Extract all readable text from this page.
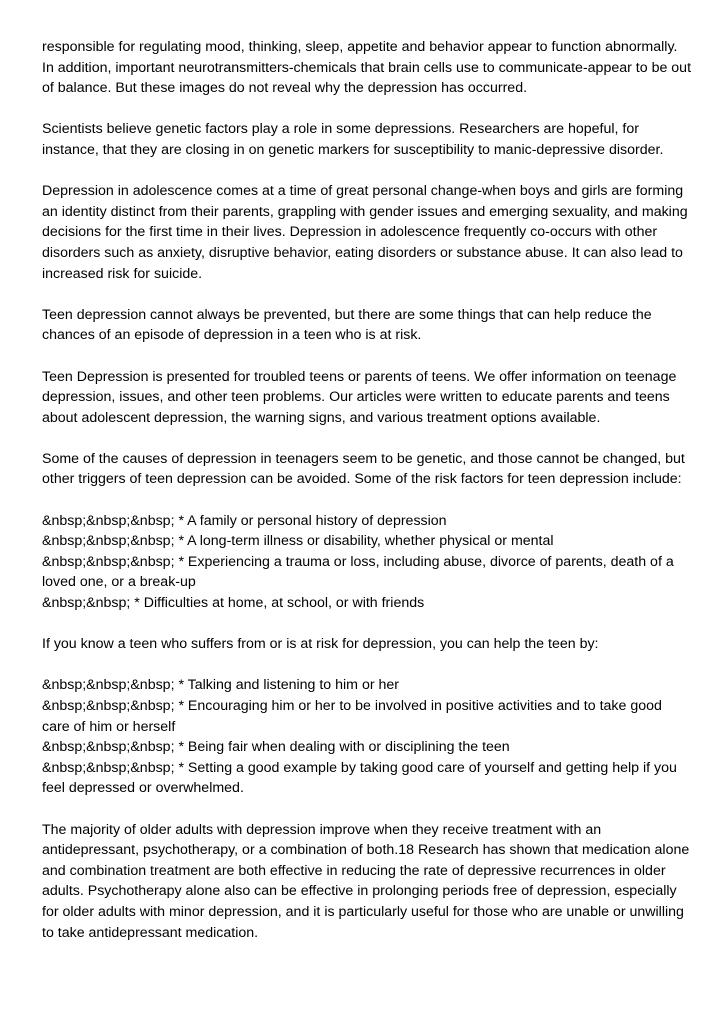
responsible for regulating mood, thinking, sleep, appetite and behavior appear to function abnormally. In addition, important neurotransmitters-chemicals that brain cells use to communicate-appear to be out of balance. But these images do not reveal why the depression has occurred.

Scientists believe genetic factors play a role in some depressions. Researchers are hopeful, for instance, that they are closing in on genetic markers for susceptibility to manic-depressive disorder.

Depression in adolescence comes at a time of great personal change-when boys and girls are forming an identity distinct from their parents, grappling with gender issues and emerging sexuality, and making decisions for the first time in their lives. Depression in adolescence frequently co-occurs with other disorders such as anxiety, disruptive behavior, eating disorders or substance abuse. It can also lead to increased risk for suicide.

Teen depression cannot always be prevented, but there are some things that can help reduce the chances of an episode of depression in a teen who is at risk.

Teen Depression is presented for troubled teens or parents of teens. We offer information on teenage depression, issues, and other teen problems. Our articles were written to educate parents and teens about adolescent depression, the warning signs, and various treatment options available.

Some of the causes of depression in teenagers seem to be genetic, and those cannot be changed, but other triggers of teen depression can be avoided. Some of the risk factors for teen depression include:

&nbsp;&nbsp;&nbsp; * A family or personal history of depression
&nbsp;&nbsp;&nbsp; * A long-term illness or disability, whether physical or mental
&nbsp;&nbsp;&nbsp; * Experiencing a trauma or loss, including abuse, divorce of parents, death of a loved one, or a break-up
&nbsp;&nbsp; * Difficulties at home, at school, or with friends

If you know a teen who suffers from or is at risk for depression, you can help the teen by:

&nbsp;&nbsp;&nbsp; * Talking and listening to him or her
&nbsp;&nbsp;&nbsp; * Encouraging him or her to be involved in positive activities and to take good care of him or herself
&nbsp;&nbsp;&nbsp; * Being fair when dealing with or disciplining the teen
&nbsp;&nbsp;&nbsp; * Setting a good example by taking good care of yourself and getting help if you feel depressed or overwhelmed.

The majority of older adults with depression improve when they receive treatment with an antidepressant, psychotherapy, or a combination of both.18 Research has shown that medication alone and combination treatment are both effective in reducing the rate of depressive recurrences in older adults. Psychotherapy alone also can be effective in prolonging periods free of depression, especially for older adults with minor depression, and it is particularly useful for those who are unable or unwilling to take antidepressant medication.
